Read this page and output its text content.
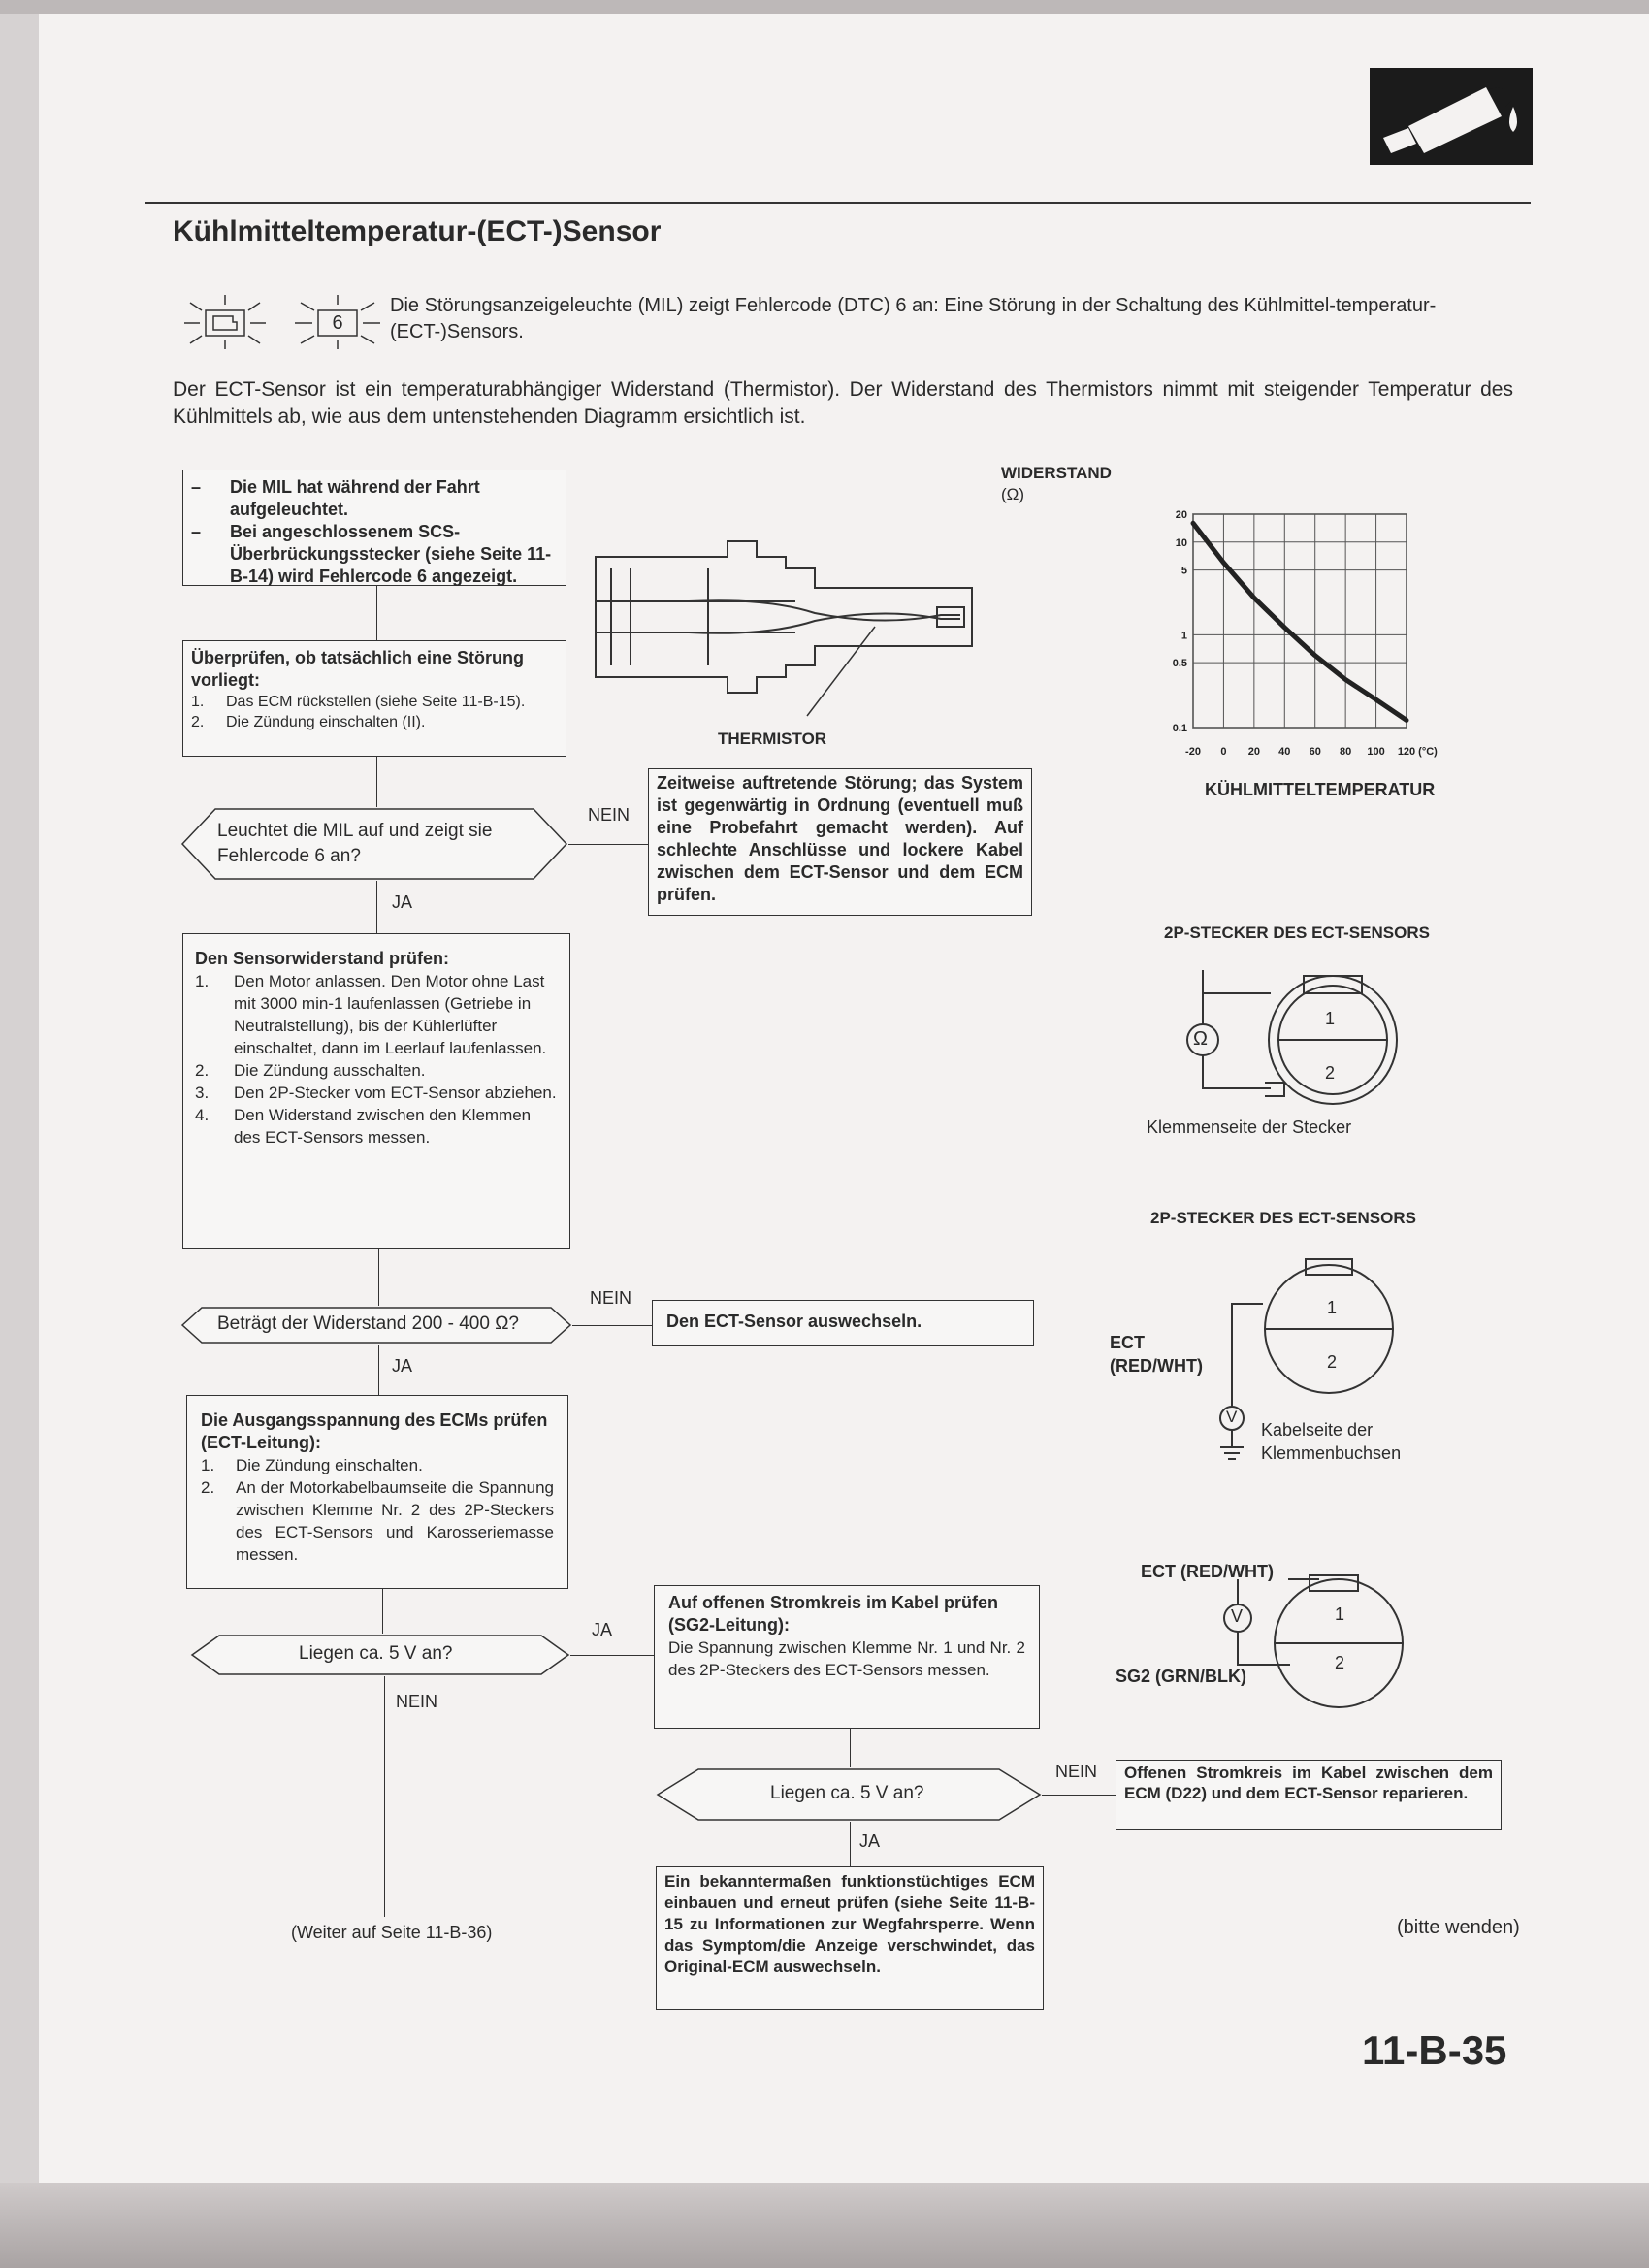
Kühlmitteltemperatur-(ECT-)Sensor
6
Die Störungsanzeigeleuchte (MIL) zeigt Fehlercode (DTC) 6 an: Eine Störung in der Schaltung des Kühlmittel-temperatur-(ECT-)Sensors.
Der ECT-Sensor ist ein temperaturabhängiger Widerstand (Thermistor). Der Widerstand des Thermistors nimmt mit steigender Temperatur des Kühlmittels ab, wie aus dem untenstehenden Diagramm ersichtlich ist.
– Die MIL hat während der Fahrt aufgeleuchtet.
– Bei angeschlossenem SCS-Überbrückungsstecker (siehe Seite 11-B-14) wird Fehlercode 6 angezeigt.
Überprüfen, ob tatsächlich eine Störung vorliegt:
1. Das ECM rückstellen (siehe Seite 11-B-15).
2. Die Zündung einschalten (II).
Leuchtet die MIL auf und zeigt sie Fehlercode 6 an?
NEIN
Zeitweise auftretende Störung; das System ist gegenwärtig in Ordnung (eventuell muß eine Probefahrt gemacht werden). Auf schlechte Anschlüsse und lockere Kabel zwischen dem ECT-Sensor und dem ECM prüfen.
JA
Den Sensorwiderstand prüfen:
1. Den Motor anlassen. Den Motor ohne Last mit 3000 min-1 laufenlassen (Getriebe in Neutralstellung), bis der Kühlerlüfter einschaltet, dann im Leerlauf laufenlassen.
2. Die Zündung ausschalten.
3. Den 2P-Stecker vom ECT-Sensor abziehen.
4. Den Widerstand zwischen den Klemmen des ECT-Sensors messen.
Beträgt der Widerstand 200 - 400 Ω?
NEIN
Den ECT-Sensor auswechseln.
JA
Die Ausgangsspannung des ECMs prüfen (ECT-Leitung):
1. Die Zündung einschalten.
2. An der Motorkabelbaumseite die Spannung zwischen Klemme Nr. 2 des 2P-Steckers des ECT-Sensors und Karosseriemasse messen.
Liegen ca. 5 V an?
JA
Auf offenen Stromkreis im Kabel prüfen (SG2-Leitung):
Die Spannung zwischen Klemme Nr. 1 und Nr. 2 des 2P-Steckers des ECT-Sensors messen.
NEIN
Liegen ca. 5 V an?
NEIN Offenen Stromkreis im Kabel zwischen dem ECM (D22) und dem ECT-Sensor reparieren.
JA
Ein bekanntermaßen funktionstüchtiges ECM einbauen und erneut prüfen (siehe Seite 11-B-15 zu Informationen zur Wegfahrsperre. Wenn das Symptom/die Anzeige verschwindet, das Original-ECM auswechseln.
(Weiter auf Seite 11-B-36)
THERMISTOR
WIDERSTAND
(Ω)
-20 0 20 40 60 80 100 120 (°C)
20
10
5
1
0.5
0.1
KÜHLMITTELTEMPERATUR
2P-STECKER DES ECT-SENSORS
Ω
1
2
Klemmenseite der Stecker
2P-STECKER DES ECT-SENSORS
V
1
2
ECT
(RED/WHT)
Kabelseite der Klemmenbuchsen
ECT (RED/WHT)
V	1
2
SG2 (GRN/BLK)
(bitte wenden)
11-B-35
